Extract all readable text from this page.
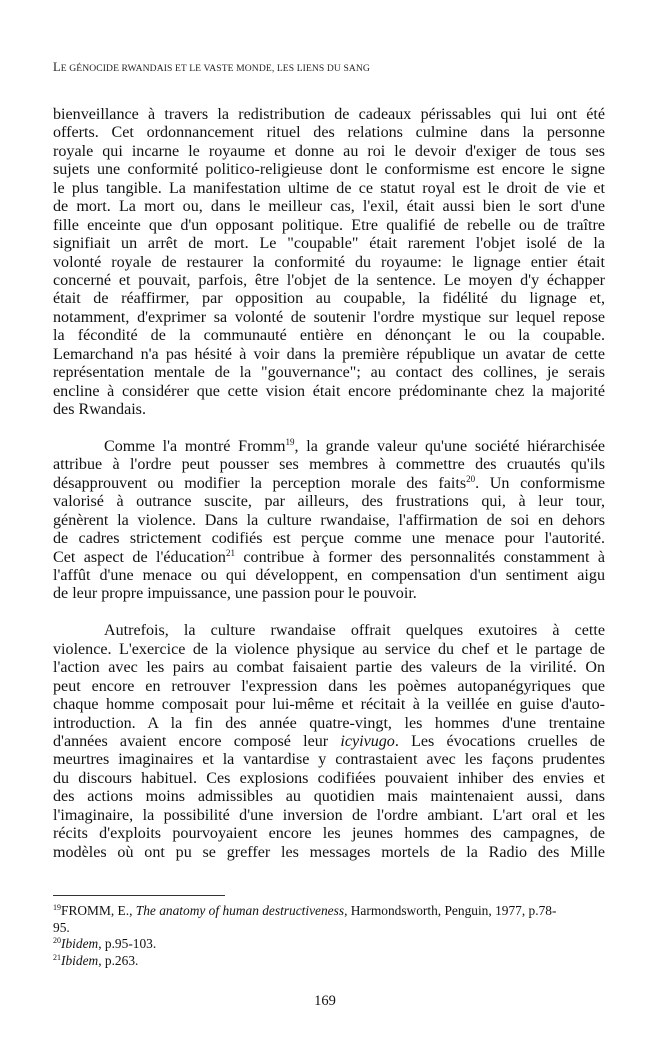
LE GÉNOCIDE RWANDAIS ET LE VASTE MONDE, LES LIENS DU SANG
bienveillance à travers la redistribution de cadeaux périssables qui lui ont été
offerts. Cet ordonnancement rituel des relations culmine dans la personne
royale qui incarne le royaume et donne au roi le devoir d'exiger de tous ses
sujets une conformité politico-religieuse dont le conformisme est encore le signe
le plus tangible. La manifestation ultime de ce statut royal est le droit de vie et
de mort. La mort ou, dans le meilleur cas, l'exil, était aussi bien le sort d'une
fille enceinte que d'un opposant politique. Etre qualifié de rebelle ou de traître
signifiait un arrêt de mort. Le "coupable" était rarement l'objet isolé de la
volonté royale de restaurer la conformité du royaume: le lignage entier était
concerné et pouvait, parfois, être l'objet de la sentence. Le moyen d'y échapper
était de réaffirmer, par opposition au coupable, la fidélité du lignage et,
notamment, d'exprimer sa volonté de soutenir l'ordre mystique sur lequel repose
la fécondité de la communauté entière en dénonçant le ou la coupable.
Lemarchand n'a pas hésité à voir dans la première république un avatar de cette
représentation mentale de la "gouvernance"; au contact des collines, je serais
encline à considérer que cette vision était encore prédominante chez la majorité
des Rwandais.
Comme l'a montré Fromm$^{19}$, la grande valeur qu'une société hiérarchisée
attribue à l'ordre peut pousser ses membres à commettre des cruautés qu'ils
désapprouvent ou modifier la perception morale des faits$^{20}$. Un conformisme
valorisé à outrance suscite, par ailleurs, des frustrations qui, à leur tour,
génèrent la violence. Dans la culture rwandaise, l'affirmation de soi en dehors
de cadres strictement codifiés est perçue comme une menace pour l'autorité.
Cet aspect de l'éducation$^{21}$ contribue à former des personnalités constamment à
l'affût d'une menace ou qui développent, en compensation d'un sentiment aigu
de leur propre impuissance, une passion pour le pouvoir.
Autrefois, la culture rwandaise offrait quelques exutoires à cette
violence. L'exercice de la violence physique au service du chef et le partage de
l'action avec les pairs au combat faisaient partie des valeurs de la virilité. On
peut encore en retrouver l'expression dans les poèmes autopanégyriques que
chaque homme composait pour lui-même et récitait à la veillée en guise d'auto-
introduction. A la fin des année quatre-vingt, les hommes d'une trentaine
d'années avaient encore composé leur icyivugo. Les évocations cruelles de
meurtres imaginaires et la vantardise y contrastaient avec les façons prudentes
du discours habituel. Ces explosions codifiées pouvaient inhiber des envies et
des actions moins admissibles au quotidien mais maintenaient aussi, dans
l'imaginaire, la possibilité d'une inversion de l'ordre ambiant. L'art oral et les
récits d'exploits pourvoyaient encore les jeunes hommes des campagnes, de
modèles où ont pu se greffer les messages mortels de la Radio des Mille
$^{19}$FROMM, E., The anatomy of human destructiveness, Harmondsworth, Penguin, 1977, p.78-
95.
$^{20}$Ibidem, p.95-103.
$^{21}$Ibidem, p.263.
169
